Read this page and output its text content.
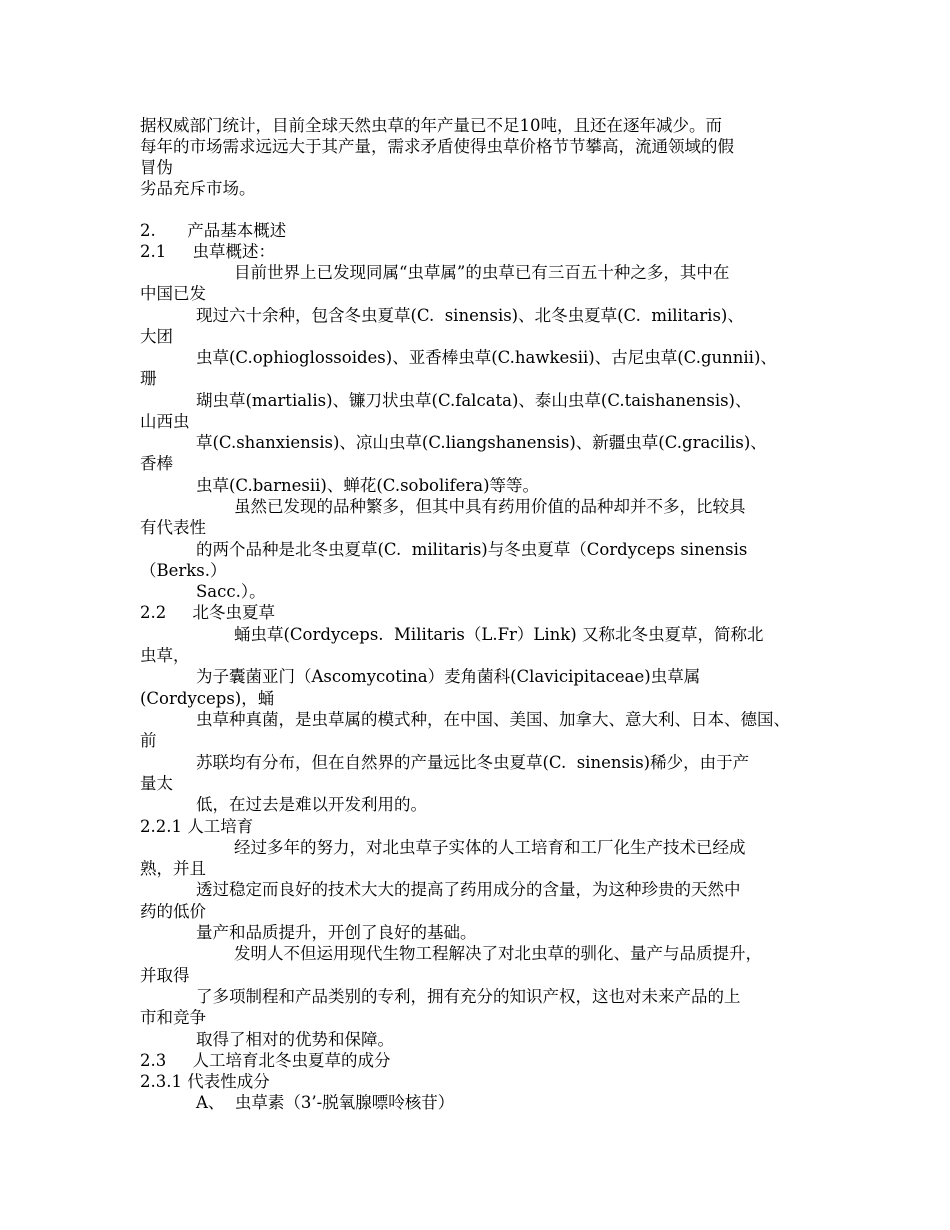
据权威部门统计，目前全球天然虫草的年产量已不足10吨，且还在逐年减少。而
每年的市场需求远远大于其产量，需求矛盾使得虫草价格节节攀高，流通领域的假
冒伪
劣品充斥市场。
2.      产品基本概述
2.1     虫草概述：
目前世界上已发现同属“虫草属”的虫草已有三百五十种之多，其中在
中国已发
现过六十余种，包含冬虫夏草(C.  sinensis)、北冬虫夏草(C.  militaris)、
大团
虫草(C.ophioglossoides)、亚香棒虫草(C.hawkesii)、古尼虫草(C.gunnii)、
珊
瑚虫草(martialis)、镰刀状虫草(C.falcata)、泰山虫草(C.taishanensis)、
山西虫
草(C.shanxiensis)、凉山虫草(C.liangshanensis)、新疆虫草(C.gracilis)、
香棒
虫草(C.barnesii)、蝉花(C.sobolifera)等等。
虽然已发现的品种繁多，但其中具有药用价值的品种却并不多，比较具
有代表性
的两个品种是北冬虫夏草(C.  militaris)与冬虫夏草（Cordyceps sinensis
（Berks.）
Sacc.）。
2.2     北冬虫夏草
蛹虫草(Cordyceps.  Militaris（L.Fr）Link) 又称北冬虫夏草，简称北
虫草，
为子囊菌亚门（Ascomycotina）麦角菌科(Clavicipitaceae)虫草属
(Cordyceps)，蛹
虫草种真菌，是虫草属的模式种，在中国、美国、加拿大、意大利、日本、德国、
前
苏联均有分布，但在自然界的产量远比冬虫夏草(C.  sinensis)稀少，由于产
量太
低，在过去是难以开发利用的。
2.2.1 人工培育
经过多年的努力，对北虫草子实体的人工培育和工厂化生产技术已经成
熟，并且
透过稳定而良好的技术大大的提高了药用成分的含量，为这种珍贵的天然中
药的低价
量产和品质提升，开创了良好的基础。
发明人不但运用现代生物工程解决了对北虫草的驯化、量产与品质提升，
并取得
了多项制程和产品类别的专利，拥有充分的知识产权，这也对未来产品的上
市和竞争
取得了相对的优势和保障。
2.3     人工培育北冬虫夏草的成分
2.3.1 代表性成分
A、  虫草素（3’-脱氧腺嘌呤核苷）
